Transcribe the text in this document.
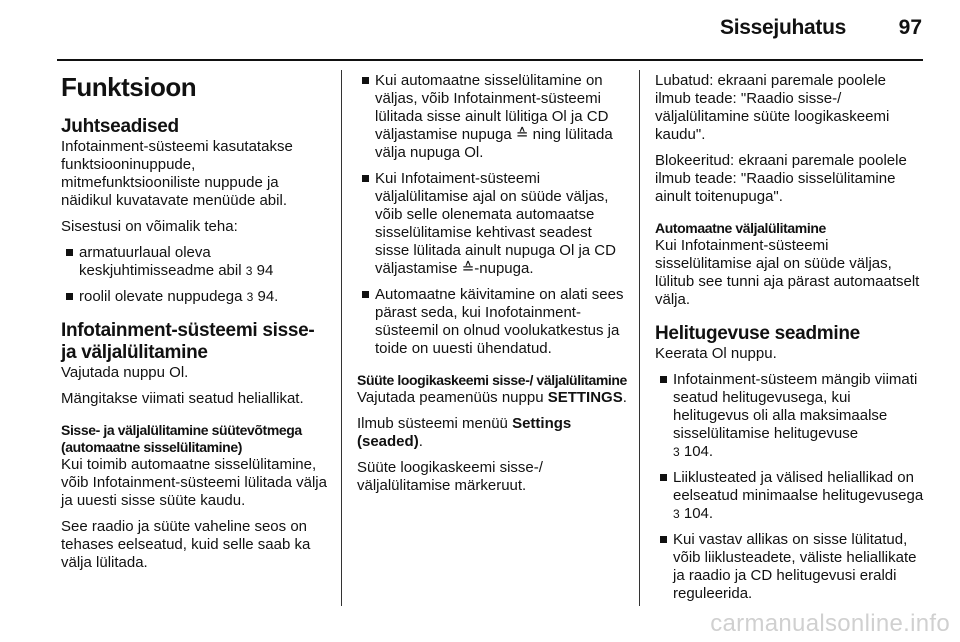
Sissejuhatus	97
Funktsioon
Juhtseadised

Infotainment-süsteemi kasutatakse funktsiooninuppude, mitmefunktsiooniliste nuppude ja näidikul kuvatavate menüüde abil.

Sisestusi on võimalik teha:

armatuurlaual oleva keskjuhtimisseadme abil 3 94
roolil olevate nuppudega 3 94.
Infotainment-süsteemi sisse- ja väljalülitamine

Vajutada nuppu Ol.

Mängitakse viimati seatud heliallikat.

Sisse- ja väljalülitamine süütevõtmega (automaatne sisselülitamine)

Kui toimib automaatne sisselülitamine, võib Infotainment-süsteemi lülitada välja ja uuesti sisse süüte kaudu.

See raadio ja süüte vaheline seos on tehases eelseatud, kuid selle saab ka välja lülitada.

Kui automaatne sisselülitamine on väljas, võib Infotainment-süsteemi lülitada sisse ainult lülitiga Ol ja CD väljastamise nupuga ≙ ning lülitada välja nupuga Ol.
Kui Infotaiment-süsteemi väljalülitamise ajal on süüde väljas, võib selle olenemata automaatse sisselülitamise kehtivast seadest sisse lülitada ainult nupuga Ol ja CD väljastamise ≙-nupuga.
Automaatne käivitamine on alati sees pärast seda, kui Inofotainment-süsteemil on olnud voolukatkestus ja toide on uuesti ühendatud.
Süüte loogikaskeemi sisse-/ väljalülitamine

Vajutada peamenüüs nuppu SETTINGS.

Ilmub süsteemi menüü Settings (seaded).

Süüte loogikaskeemi sisse-/ väljalülitamise märkeruut.

Lubatud: ekraani paremale poolele ilmub teade: "Raadio sisse-/ väljalülitamine süüte loogikaskeemi kaudu".

Blokeeritud: ekraani paremale poolele ilmub teade: "Raadio sisselülitamine ainult toitenupuga".

Automaatne väljalülitamine

Kui Infotainment-süsteemi sisselülitamise ajal on süüde väljas, lülitub see tunni aja pärast automaatselt välja.

Helitugevuse seadmine

Keerata Ol nuppu.

Infotainment-süsteem mängib viimati seatud helitugevusega, kui helitugevus oli alla maksimaalse sisselülitamise helitugevuse
3 104.
Liiklusteated ja välised heliallikad on eelseatud minimaalse helitugevusega 3 104.
Kui vastav allikas on sisse lülitatud, võib liiklusteadete, väliste heliallikate ja raadio ja CD helitugevusi eraldi reguleerida.
carmanualsonline.info
